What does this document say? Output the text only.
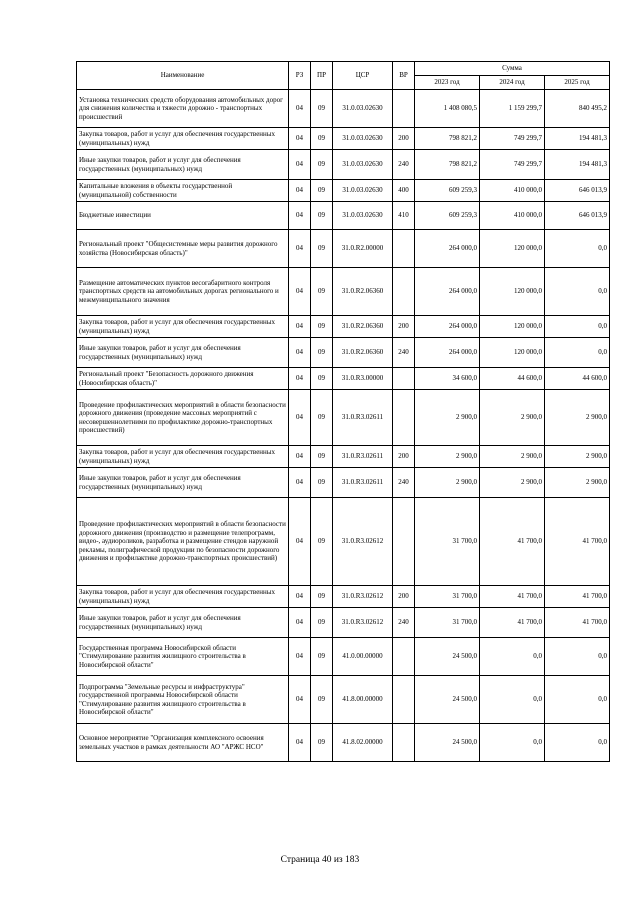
Наименование	РЗ	ПР	ЦСР	ВР	Сумма		
					2023 год	2024 год	2025 год
Установка технических средств оборудования автомобильных дорог для снижения количества и тяжести дорожно - транспортных происшествий	04	09	31.0.03.02630		1 408 080,5	1 159 299,7	840 495,2
Закупка товаров, работ и услуг для обеспечения государственных (муниципальных) нужд	04	09	31.0.03.02630	200	798 821,2	749 299,7	194 481,3
Иные закупки товаров, работ и услуг для обеспечения государственных (муниципальных) нужд	04	09	31.0.03.02630	240	798 821,2	749 299,7	194 481,3
Капитальные вложения в объекты государственной (муниципальной) собственности	04	09	31.0.03.02630	400	609 259,3	410 000,0	646 013,9
Бюджетные инвестиции	04	09	31.0.03.02630	410	609 259,3	410 000,0	646 013,9
Региональный проект "Общесистемные меры развития дорожного хозяйства (Новосибирская область)"	04	09	31.0.R2.00000		264 000,0	120 000,0	0,0
Размещение автоматических пунктов весогабаритного контроля транспортных средств на автомобильных дорогах регионального и межмуниципального значения	04	09	31.0.R2.06360		264 000,0	120 000,0	0,0
Закупка товаров, работ и услуг для обеспечения государственных (муниципальных) нужд	04	09	31.0.R2.06360	200	264 000,0	120 000,0	0,0
Иные закупки товаров, работ и услуг для обеспечения государственных (муниципальных) нужд	04	09	31.0.R2.06360	240	264 000,0	120 000,0	0,0
Региональный проект "Безопасность дорожного движения (Новосибирская область)"	04	09	31.0.R3.00000		34 600,0	44 600,0	44 600,0
Проведение профилактических мероприятий в области безопасности дорожного движения (проведение массовых мероприятий с несовершеннолетними по профилактике дорожно-транспортных происшествий)	04	09	31.0.R3.02611		2 900,0	2 900,0	2 900,0
Закупка товаров, работ и услуг для обеспечения государственных (муниципальных) нужд	04	09	31.0.R3.02611	200	2 900,0	2 900,0	2 900,0
Иные закупки товаров, работ и услуг для обеспечения государственных (муниципальных) нужд	04	09	31.0.R3.02611	240	2 900,0	2 900,0	2 900,0
Проведение профилактических мероприятий в области безопасности дорожного движения (производство и размещение телепрограмм, видео-, аудиороликов, разработка и размещение стендов наружной рекламы, полиграфической продукции по безопасности дорожного движения и профилактике дорожно-транспортных происшествий)	04	09	31.0.R3.02612		31 700,0	41 700,0	41 700,0
Закупка товаров, работ и услуг для обеспечения государственных (муниципальных) нужд	04	09	31.0.R3.02612	200	31 700,0	41 700,0	41 700,0
Иные закупки товаров, работ и услуг для обеспечения государственных (муниципальных) нужд	04	09	31.0.R3.02612	240	31 700,0	41 700,0	41 700,0
Государственная программа Новосибирской области "Стимулирование развития жилищного строительства в Новосибирской области"	04	09	41.0.00.00000		24 500,0	0,0	0,0
Подпрограмма "Земельные ресурсы и инфраструктура" государственной программы Новосибирской области "Стимулирование развития жилищного строительства в Новосибирской области"	04	09	41.8.00.00000		24 500,0	0,0	0,0
Основное мероприятие "Организация комплексного освоения земельных участков в рамках деятельности АО "АРЖС НСО"	04	09	41.8.02.00000		24 500,0	0,0	0,0
Страница 40 из 183
